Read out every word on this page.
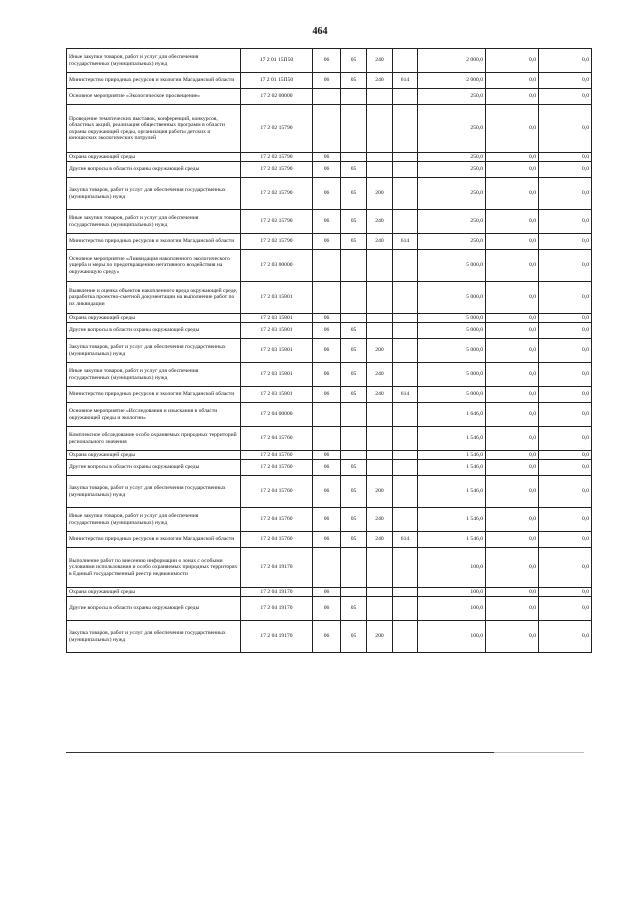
464
Иные закупки товаров, работ и услуг для обеспечения государственных (муниципальных) нужд	17 2 01 15П50	06	05	240		2 000,0	0,0	0,0
Министерство природных ресурсов и экологии Магаданской области	17 2 01 15П50	06	05	240	614	2 000,0	0,0	0,0
Основное мероприятие «Экологическое просвещение»	17 2 02 00000					250,0	0,0	0,0
Проведение тематических выставок, конференций, конкурсов, областных акций, реализация общественных программ в области охраны окружающей среды, организация работы детских и юношеских экологических патрулей	17 2 02 15790					250,0	0,0	0,0
Охрана окружающей среды	17 2 02 15790	06				250,0	0,0	0,0
Другие вопросы в области охраны окружающей среды	17 2 02 15790	06	05			250,0	0,0	0,0
Закупка товаров, работ и услуг для обеспечения государственных (муниципальных) нужд	17 2 02 15790	06	05	200		250,0	0,0	0,0
Иные закупки товаров, работ и услуг для обеспечения государственных (муниципальных) нужд	17 2 02 15790	06	05	240		250,0	0,0	0,0
Министерство природных ресурсов и экологии Магаданской области	17 2 02 15790	06	05	240	614	250,0	0,0	0,0
Основное мероприятие «Ликвидация накопленного экологического ущерба и меры по предотвращению негативного воздействия на окружающую среду»	17 2 03 00000					5 000,0	0,0	0,0
Выявление и оценка объектов накопленного вреда окружающей среде, разработка проектно-сметной документации на выполнение работ по их ликвидации	17 2 03 15801					5 000,0	0,0	0,0
Охрана окружающей среды	17 2 03 15801	06				5 000,0	0,0	0,0
Другие вопросы в области охраны окружающей среды	17 2 03 15801	06	05			5 000,0	0,0	0,0
Закупка товаров, работ и услуг для обеспечения государственных (муниципальных) нужд	17 2 03 15801	06	05	200		5 000,0	0,0	0,0
Иные закупки товаров, работ и услуг для обеспечения государственных (муниципальных) нужд	17 2 03 15801	06	05	240		5 000,0	0,0	0,0
Министерство природных ресурсов и экологии Магаданской области	17 2 03 15801	06	05	240	614	5 000,0	0,0	0,0
Основное мероприятие «Исследования и изыскания в области окружающей среды и экологии»	17 2 04 00000					1 646,0	0,0	0,0
Комплексное обследование особо охраняемых природных территорий регионального значения	17 2 04 15760					1 546,0	0,0	0,0
Охрана окружающей среды	17 2 04 15760	06				1 546,0	0,0	0,0
Другие вопросы в области охраны окружающей среды	17 2 04 15760	06	05			1 546,0	0,0	0,0
Закупка товаров, работ и услуг для обеспечения государственных (муниципальных) нужд	17 2 04 15760	06	05	200		1 546,0	0,0	0,0
Иные закупки товаров, работ и услуг для обеспечения государственных (муниципальных) нужд	17 2 04 15760	06	05	240		1 546,0	0,0	0,0
Министерство природных ресурсов и экологии Магаданской области	17 2 04 15760	06	05	240	614	1 546,0	0,0	0,0
Выполнение работ по внесению информации о зонах с особыми условиями использования и особо охраняемых природных территорях в Единый государственный реестр недвижимости	17 2 04 19170					100,0	0,0	0,0
Охрана окружающей среды	17 2 04 19170	06				100,0	0,0	0,0
Другие вопросы в области охраны окружающей среды	17 2 04 19170	06	05			100,0	0,0	0,0
Закупка товаров, работ и услуг для обеспечения государственных (муниципальных) нужд	17 2 04 19170	06	05	200		100,0	0,0	0,0
